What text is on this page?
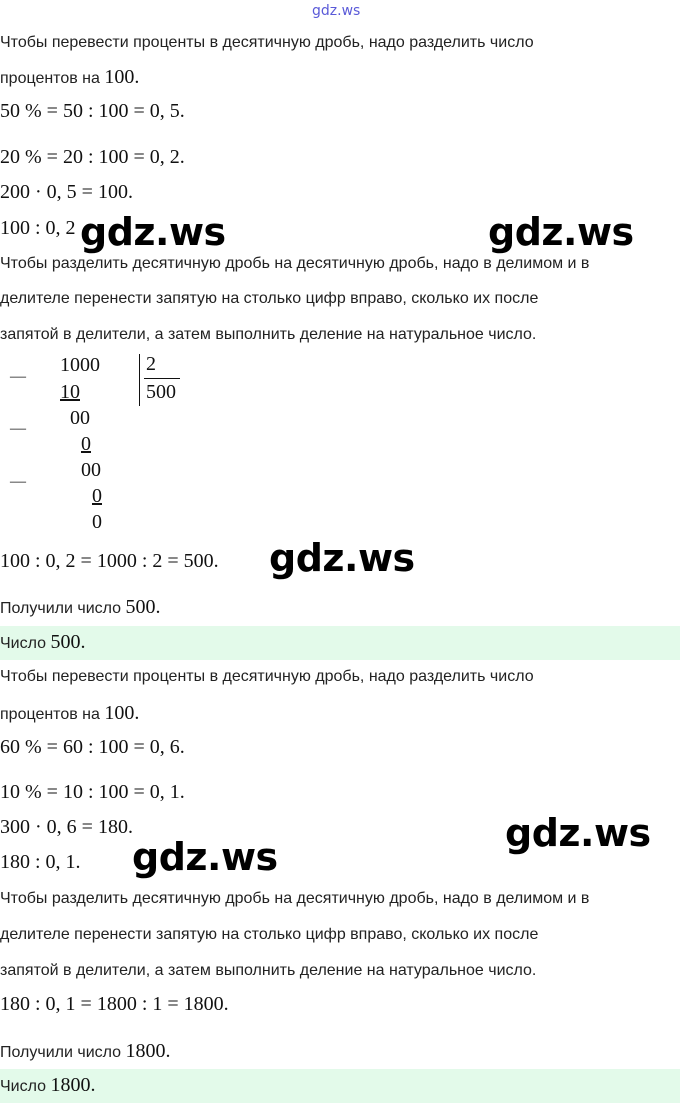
gdz.ws
Чтобы перевести проценты в десятичную дробь, надо разделить число
процентов на 100.
50 % = 50 : 100 = 0, 5.
20 % = 20 : 100 = 0, 2.
200 · 0, 5 = 100.
100 : 0, 2
Чтобы разделить десятичную дробь на десятичную дробь, надо в делимом и в
делителе перенести запятую на столько цифр вправо, сколько их после
запятой в делители, а затем выполнить деление на натуральное число.
—
1000 2
500
10
— 00
0
—
00
0
0
100 : 0, 2 = 1000 : 2 = 500.
Получили число 500.
Число 500.
Чтобы перевести проценты в десятичную дробь, надо разделить число
процентов на 100.
60 % = 60 : 100 = 0, 6.
10 % = 10 : 100 = 0, 1.
300 · 0, 6 = 180.
180 : 0, 1.
Чтобы разделить десятичную дробь на десятичную дробь, надо в делимом и в
делителе перенести запятую на столько цифр вправо, сколько их после
запятой в делители, а затем выполнить деление на натуральное число.
180 : 0, 1 = 1800 : 1 = 1800.
Получили число 1800.
Число 1800.
gdz.ws	gdz.ws
gdz.ws
gdz.ws
gdz.ws
